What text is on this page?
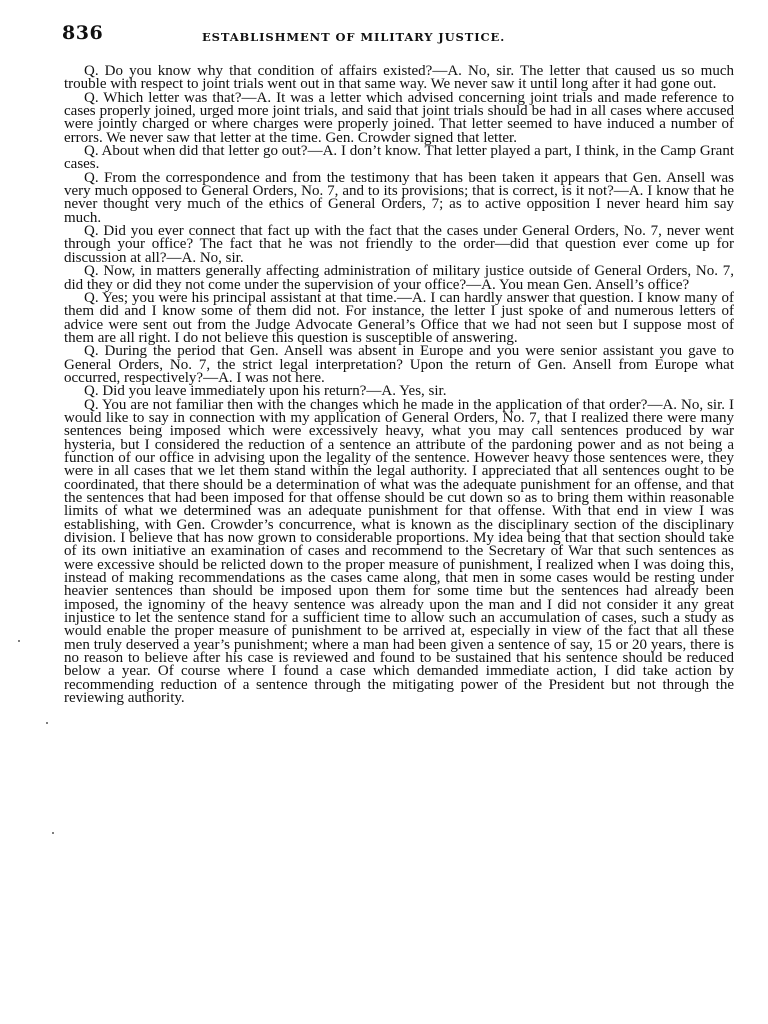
836	ESTABLISHMENT OF MILITARY JUSTICE.

Q. Do you know why that condition of affairs existed?—A. No, sir. The letter that caused us so much trouble with respect to joint trials went out in that same way. We never saw it until long after it had gone out.

Q. Which letter was that?—A. It was a letter which advised concerning joint trials and made reference to cases properly joined, urged more joint trials, and said that joint trials should be had in all cases where accused were jointly charged or where charges were properly joined. That letter seemed to have induced a number of errors. We never saw that letter at the time. Gen. Crowder signed that letter.

Q. About when did that letter go out?—A. I don’t know. That letter played a part, I think, in the Camp Grant cases.

Q. From the correspondence and from the testimony that has been taken it appears that Gen. Ansell was very much opposed to General Orders, No. 7, and to its provisions; that is correct, is it not?—A. I know that he never thought very much of the ethics of General Orders, 7; as to active opposition I never heard him say much.

Q. Did you ever connect that fact up with the fact that the cases under General Orders, No. 7, never went through your office? The fact that he was not friendly to the order—did that question ever come up for discussion at all?—A. No, sir.

Q. Now, in matters generally affecting administration of military justice outside of General Orders, No. 7, did they or did they not come under the supervision of your office?—A. You mean Gen. Ansell’s office?

Q. Yes; you were his principal assistant at that time.—A. I can hardly answer that question. I know many of them did and I know some of them did not. For instance, the letter I just spoke of and numerous letters of advice were sent out from the Judge Advocate General’s Office that we had not seen but I suppose most of them are all right. I do not believe this question is susceptible of answering.

Q. During the period that Gen. Ansell was absent in Europe and you were senior assistant you gave to General Orders, No. 7, the strict legal interpretation? Upon the return of Gen. Ansell from Europe what occurred, respectively?—A. I was not here.

Q. Did you leave immediately upon his return?—A. Yes, sir.

Q. You are not familiar then with the changes which he made in the application of that order?—A. No, sir. I would like to say in connection with my application of General Orders, No. 7, that I realized there were many sentences being imposed which were excessively heavy, what you may call sentences produced by war hysteria, but I considered the reduction of a sentence an attribute of the pardoning power and as not being a function of our office in advising upon the legality of the sentence. However heavy those sentences were, they were in all cases that we let them stand within the legal authority. I appreciated that all sentences ought to be coordinated, that there should be a determination of what was the adequate punishment for an offense, and that the sentences that had been imposed for that offense should be cut down so as to bring them within reasonable limits of what we determined was an adequate punishment for that offense. With that end in view I was establishing, with Gen. Crowder’s concurrence, what is known as the disciplinary section of the disciplinary division. I believe that has now grown to considerable proportions. My idea being that that section should take of its own initiative an examination of cases and recommend to the Secretary of War that such sentences as were excessive should be relicted down to the proper measure of punishment, I realized when I was doing this, instead of making recommendations as the cases came along, that men in some cases would be resting under heavier sentences than should be imposed upon them for some time but the sentences had already been imposed, the ignominy of the heavy sentence was already upon the man and I did not consider it any great injustice to let the sentence stand for a sufficient time to allow such an accumulation of cases, such a study as would enable the proper measure of punishment to be arrived at, especially in view of the fact that all these men truly deserved a year’s punishment; where a man had been given a sentence of say, 15 or 20 years, there is no reason to believe after his case is reviewed and found to be sustained that his sentence should be reduced below a year. Of course where I found a case which demanded immediate action, I did take action by recommending reduction of a sentence through the mitigating power of the President but not through the reviewing authority.
